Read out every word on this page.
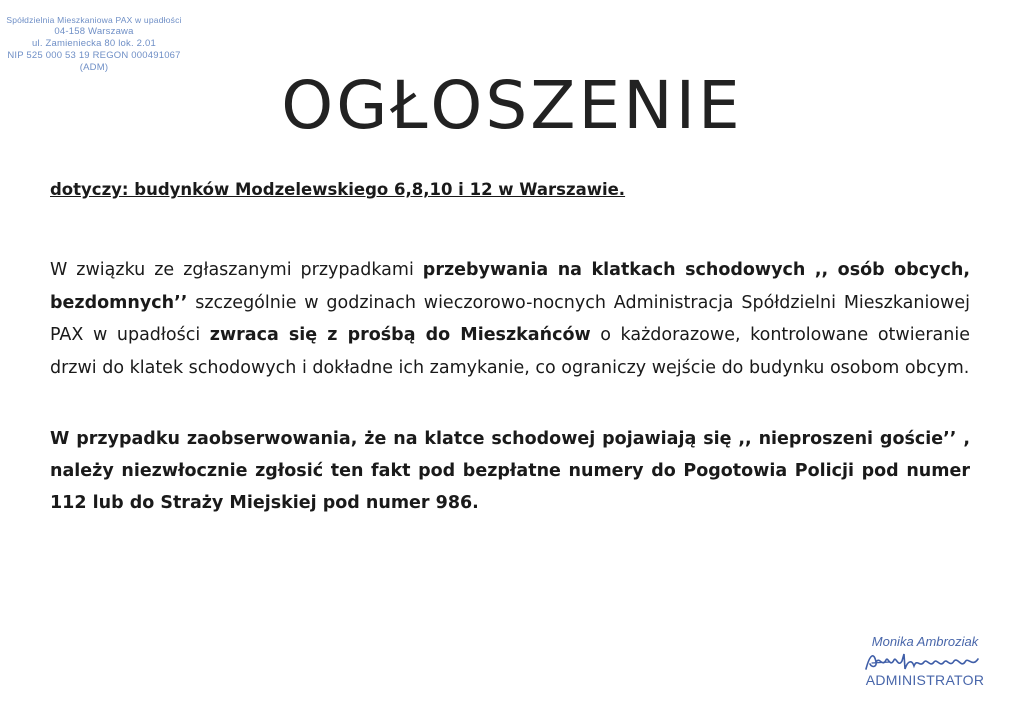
Spółdzielnia Mieszkaniowa PAX w upadłości
04-158 Warszawa
ul. Zamieniecka 80 lok. 2.01
NIP 525 000 53 19 REGON 000491067
(ADM)	OGŁOSZENIE
dotyczy: budynków Modzelewskiego 6,8,10 i 12 w Warszawie.
W związku ze zgłaszanymi przypadkami przebywania na klatkach schodowych ,, osób obcych, bezdomnych’’ szczególnie w godzinach wieczorowo-nocnych Administracja Spółdzielni Mieszkaniowej PAX w upadłości zwraca się z prośbą do Mieszkańców o każdorazowe, kontrolowane otwieranie drzwi do klatek schodowych i dokładne ich zamykanie, co ograniczy wejście do budynku osobom obcym.
W przypadku zaobserwowania, że na klatce schodowej pojawiają się ,, nieproszeni goście’’ , należy niezwłocznie zgłosić ten fakt pod bezpłatne numery do Pogotowia Policji pod numer 112 lub do Straży Miejskiej pod numer 986.
Monika Ambroziak
ADMINISTRATOR
